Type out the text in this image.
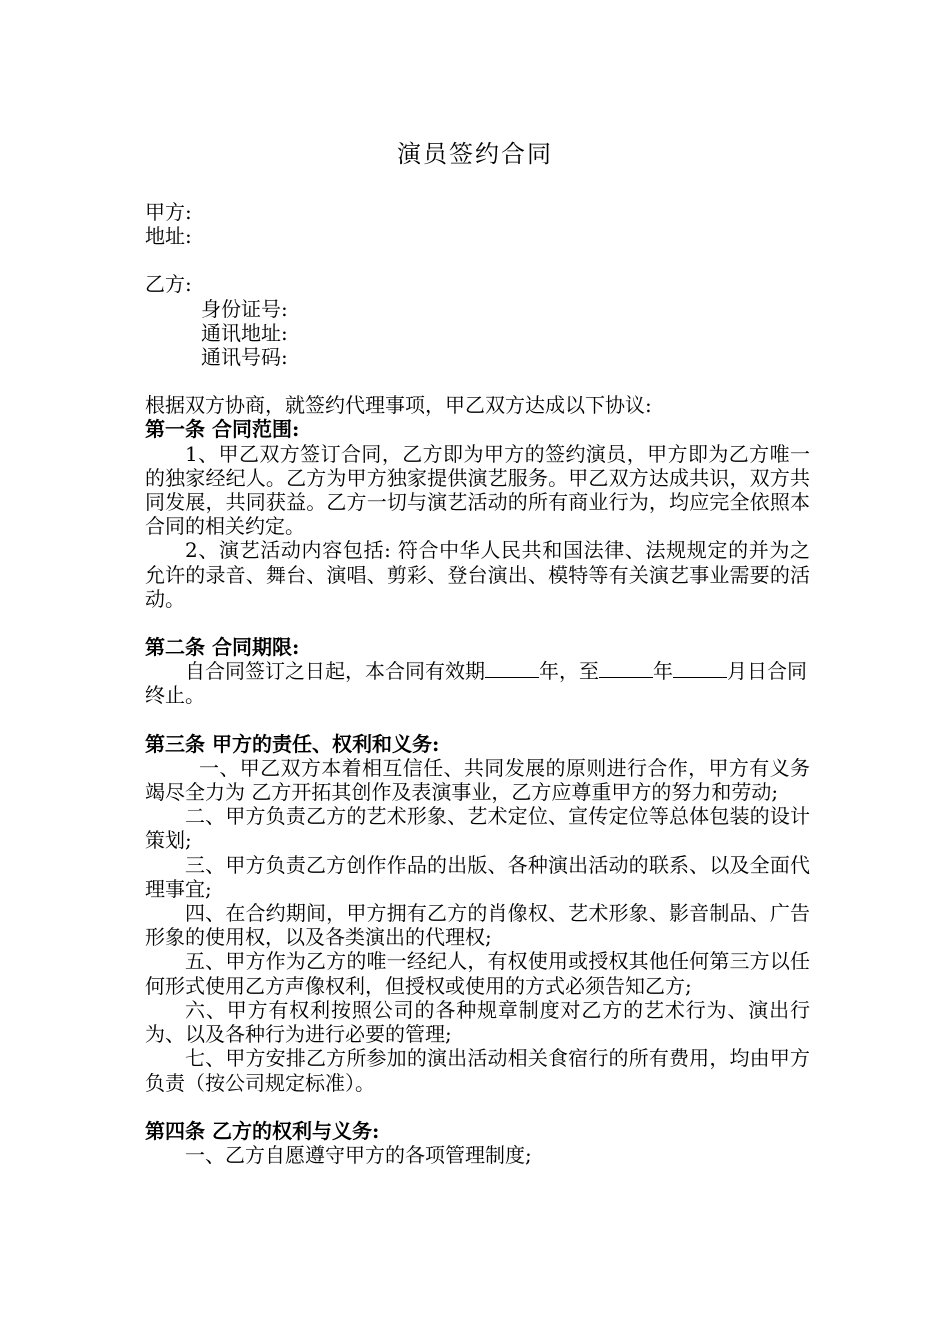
演员签约合同

甲方:

地址:

乙方:

身份证号:

通讯地址:

通讯号码:

根据双方协商，就签约代理事项，甲乙双方达成以下协议:

第一条 合同范围:

1、甲乙双方签订合同，乙方即为甲方的签约演员，甲方即为乙方唯一的独家经纪人。乙方为甲方独家提供演艺服务。甲乙双方达成共识，双方共同发展，共同获益。乙方一切与演艺活动的所有商业行为，均应完全依照本合同的相关约定。

2、演艺活动内容包括: 符合中华人民共和国法律、法规规定的并为之允许的录音、舞台、演唱、剪彩、登台演出、模特等有关演艺事业需要的活动。

第二条 合同期限:

自合同签订之日起，本合同有效期	年，至	年	月日合同终止。

第三条 甲方的责任、权利和义务:

一、甲乙双方本着相互信任、共同发展的原则进行合作，甲方有义务竭尽全力为 乙方开拓其创作及表演事业，乙方应尊重甲方的努力和劳动;

二、甲方负责乙方的艺术形象、艺术定位、宣传定位等总体包装的设计策划;

三、甲方负责乙方创作作品的出版、各种演出活动的联系、以及全面代理事宜;

四、在合约期间，甲方拥有乙方的肖像权、艺术形象、影音制品、广告形象的使用权，以及各类演出的代理权;

五、甲方作为乙方的唯一经纪人，有权使用或授权其他任何第三方以任何形式使用乙方声像权利，但授权或使用的方式必须告知乙方;

六、甲方有权利按照公司的各种规章制度对乙方的艺术行为、演出行为、以及各种行为进行必要的管理;

七、甲方安排乙方所参加的演出活动相关食宿行的所有费用，均由甲方负责（按公司规定标准）。

第四条 乙方的权利与义务:

一、乙方自愿遵守甲方的各项管理制度;
